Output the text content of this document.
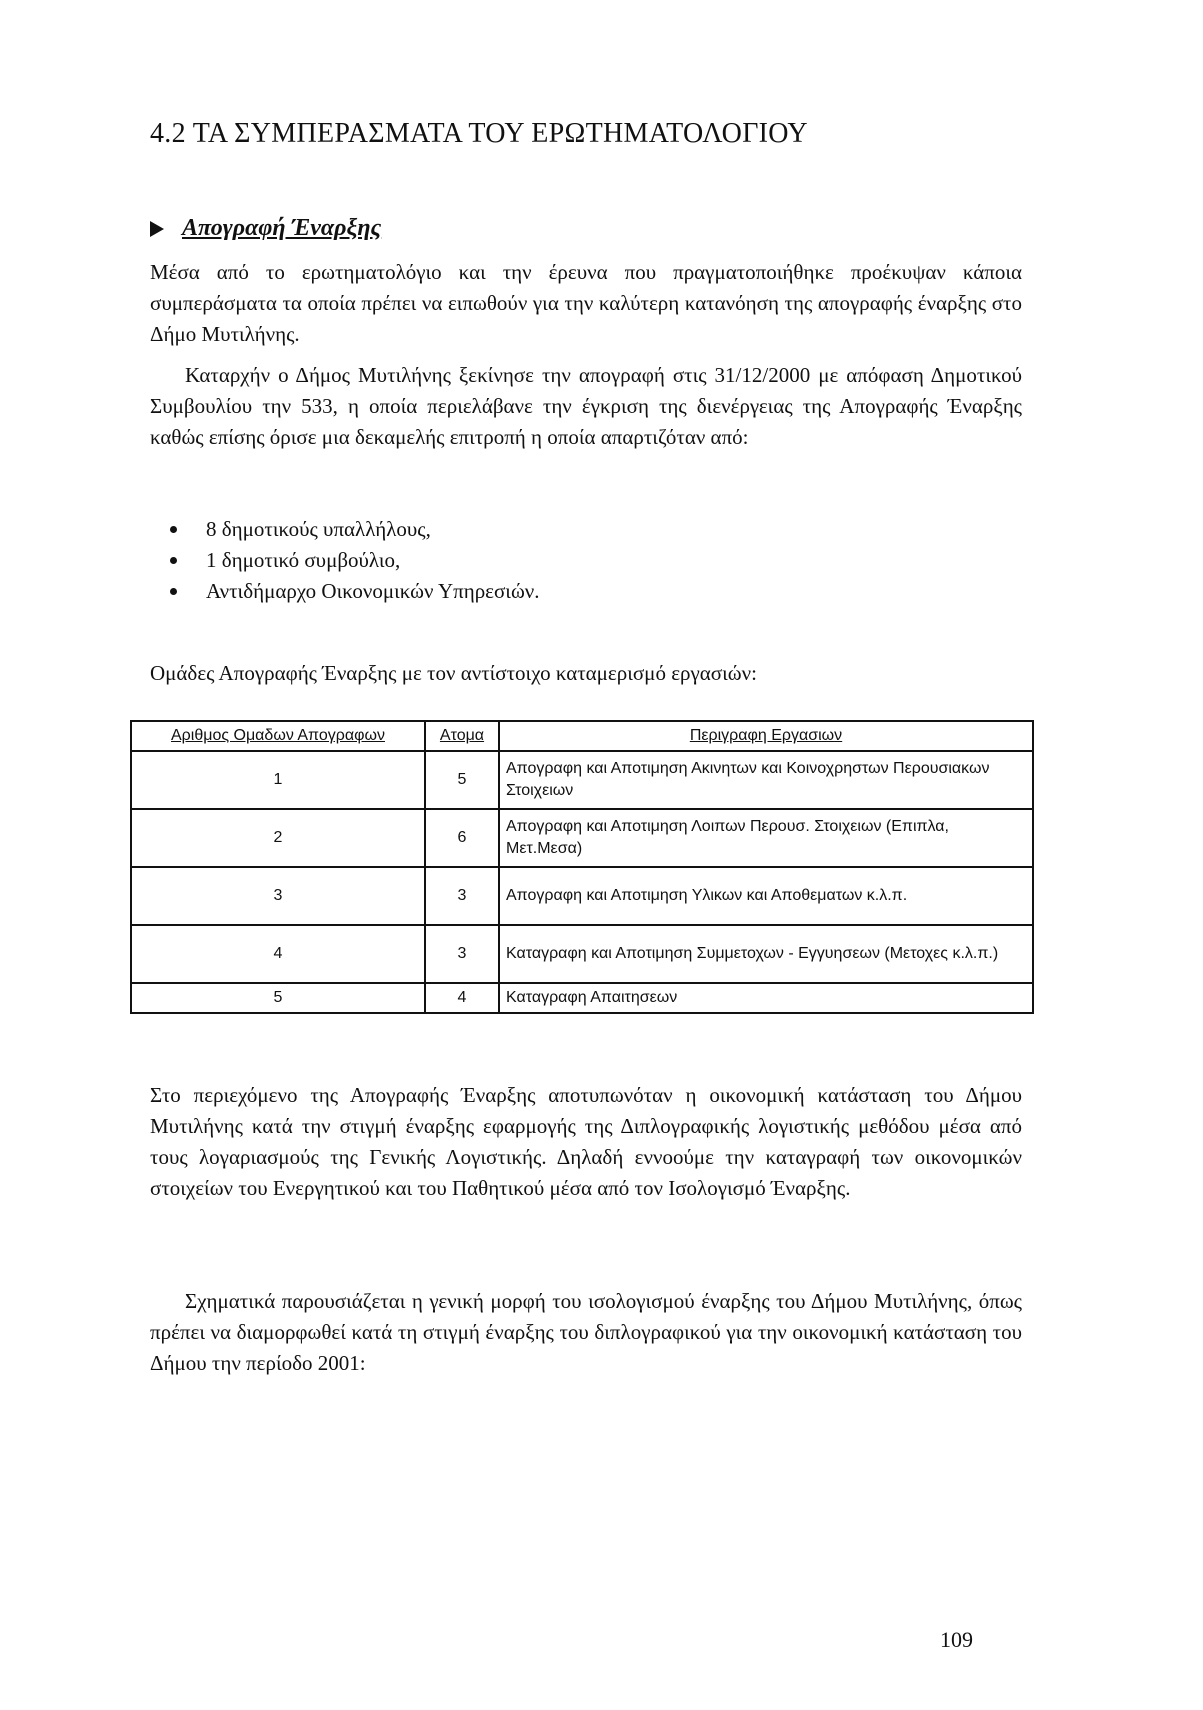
4.2 ΤΑ ΣΥΜΠΕΡΑΣΜΑΤΑ ΤΟΥ ΕΡΩΤΗΜΑΤΟΛΟΓΙΟΥ
Απογραφή Έναρξης

Μέσα από το ερωτηματολόγιο και την έρευνα που πραγματοποιήθηκε προέκυψαν κάποια συμπεράσματα τα οποία πρέπει να ειπωθούν για την καλύτερη κατανόηση της απογραφής έναρξης στο Δήμο Μυτιλήνης.

Καταρχήν ο Δήμος Μυτιλήνης ξεκίνησε την απογραφή στις 31/12/2000 με απόφαση Δημοτικού Συμβουλίου την 533, η οποία περιελάβανε την έγκριση της διενέργειας της Απογραφής Έναρξης καθώς επίσης όρισε μια δεκαμελής επιτροπή η οποία απαρτιζόταν από:

8 δημοτικούς υπαλλήλους,
1 δημοτικό συμβούλιο,
Αντιδήμαρχο Οικονομικών Υπηρεσιών.

Ομάδες Απογραφής Έναρξης με τον αντίστοιχο καταμερισμό εργασιών:

Αριθμος Ομαδων Απογραφων	Ατομα	Περιγραφη Εργασιων
1	5	Απογραφη και Αποτιμηση Ακινητων και Κοινοχρηστων Περουσιακων Στοιχειων
2	6	Απογραφη και Αποτιμηση Λοιπων Περουσ. Στοιχειων (Επιπλα, Μετ.Μεσα)
3	3	Απογραφη και Αποτιμηση Υλικων και Αποθεματων κ.λ.π.
4	3	Καταγραφη και Αποτιμηση Συμμετοχων - Εγγυησεων (Μετοχες κ.λ.π.)
5	4	Καταγραφη Απαιτησεων

Στο περιεχόμενο της Απογραφής Έναρξης αποτυπωνόταν η οικονομική κατάσταση του Δήμου Μυτιλήνης κατά την στιγμή έναρξης εφαρμογής της Διπλογραφικής λογιστικής μεθόδου μέσα από τους λογαριασμούς της Γενικής Λογιστικής. Δηλαδή εννοούμε την καταγραφή των οικονομικών στοιχείων του Ενεργητικού και του Παθητικού μέσα από τον Ισολογισμό Έναρξης.

Σχηματικά παρουσιάζεται η γενική μορφή του ισολογισμού έναρξης του Δήμου Μυτιλήνης, όπως πρέπει να διαμορφωθεί κατά τη στιγμή έναρξης του διπλογραφικού για την οικονομική κατάσταση του Δήμου την περίοδο 2001:

109
